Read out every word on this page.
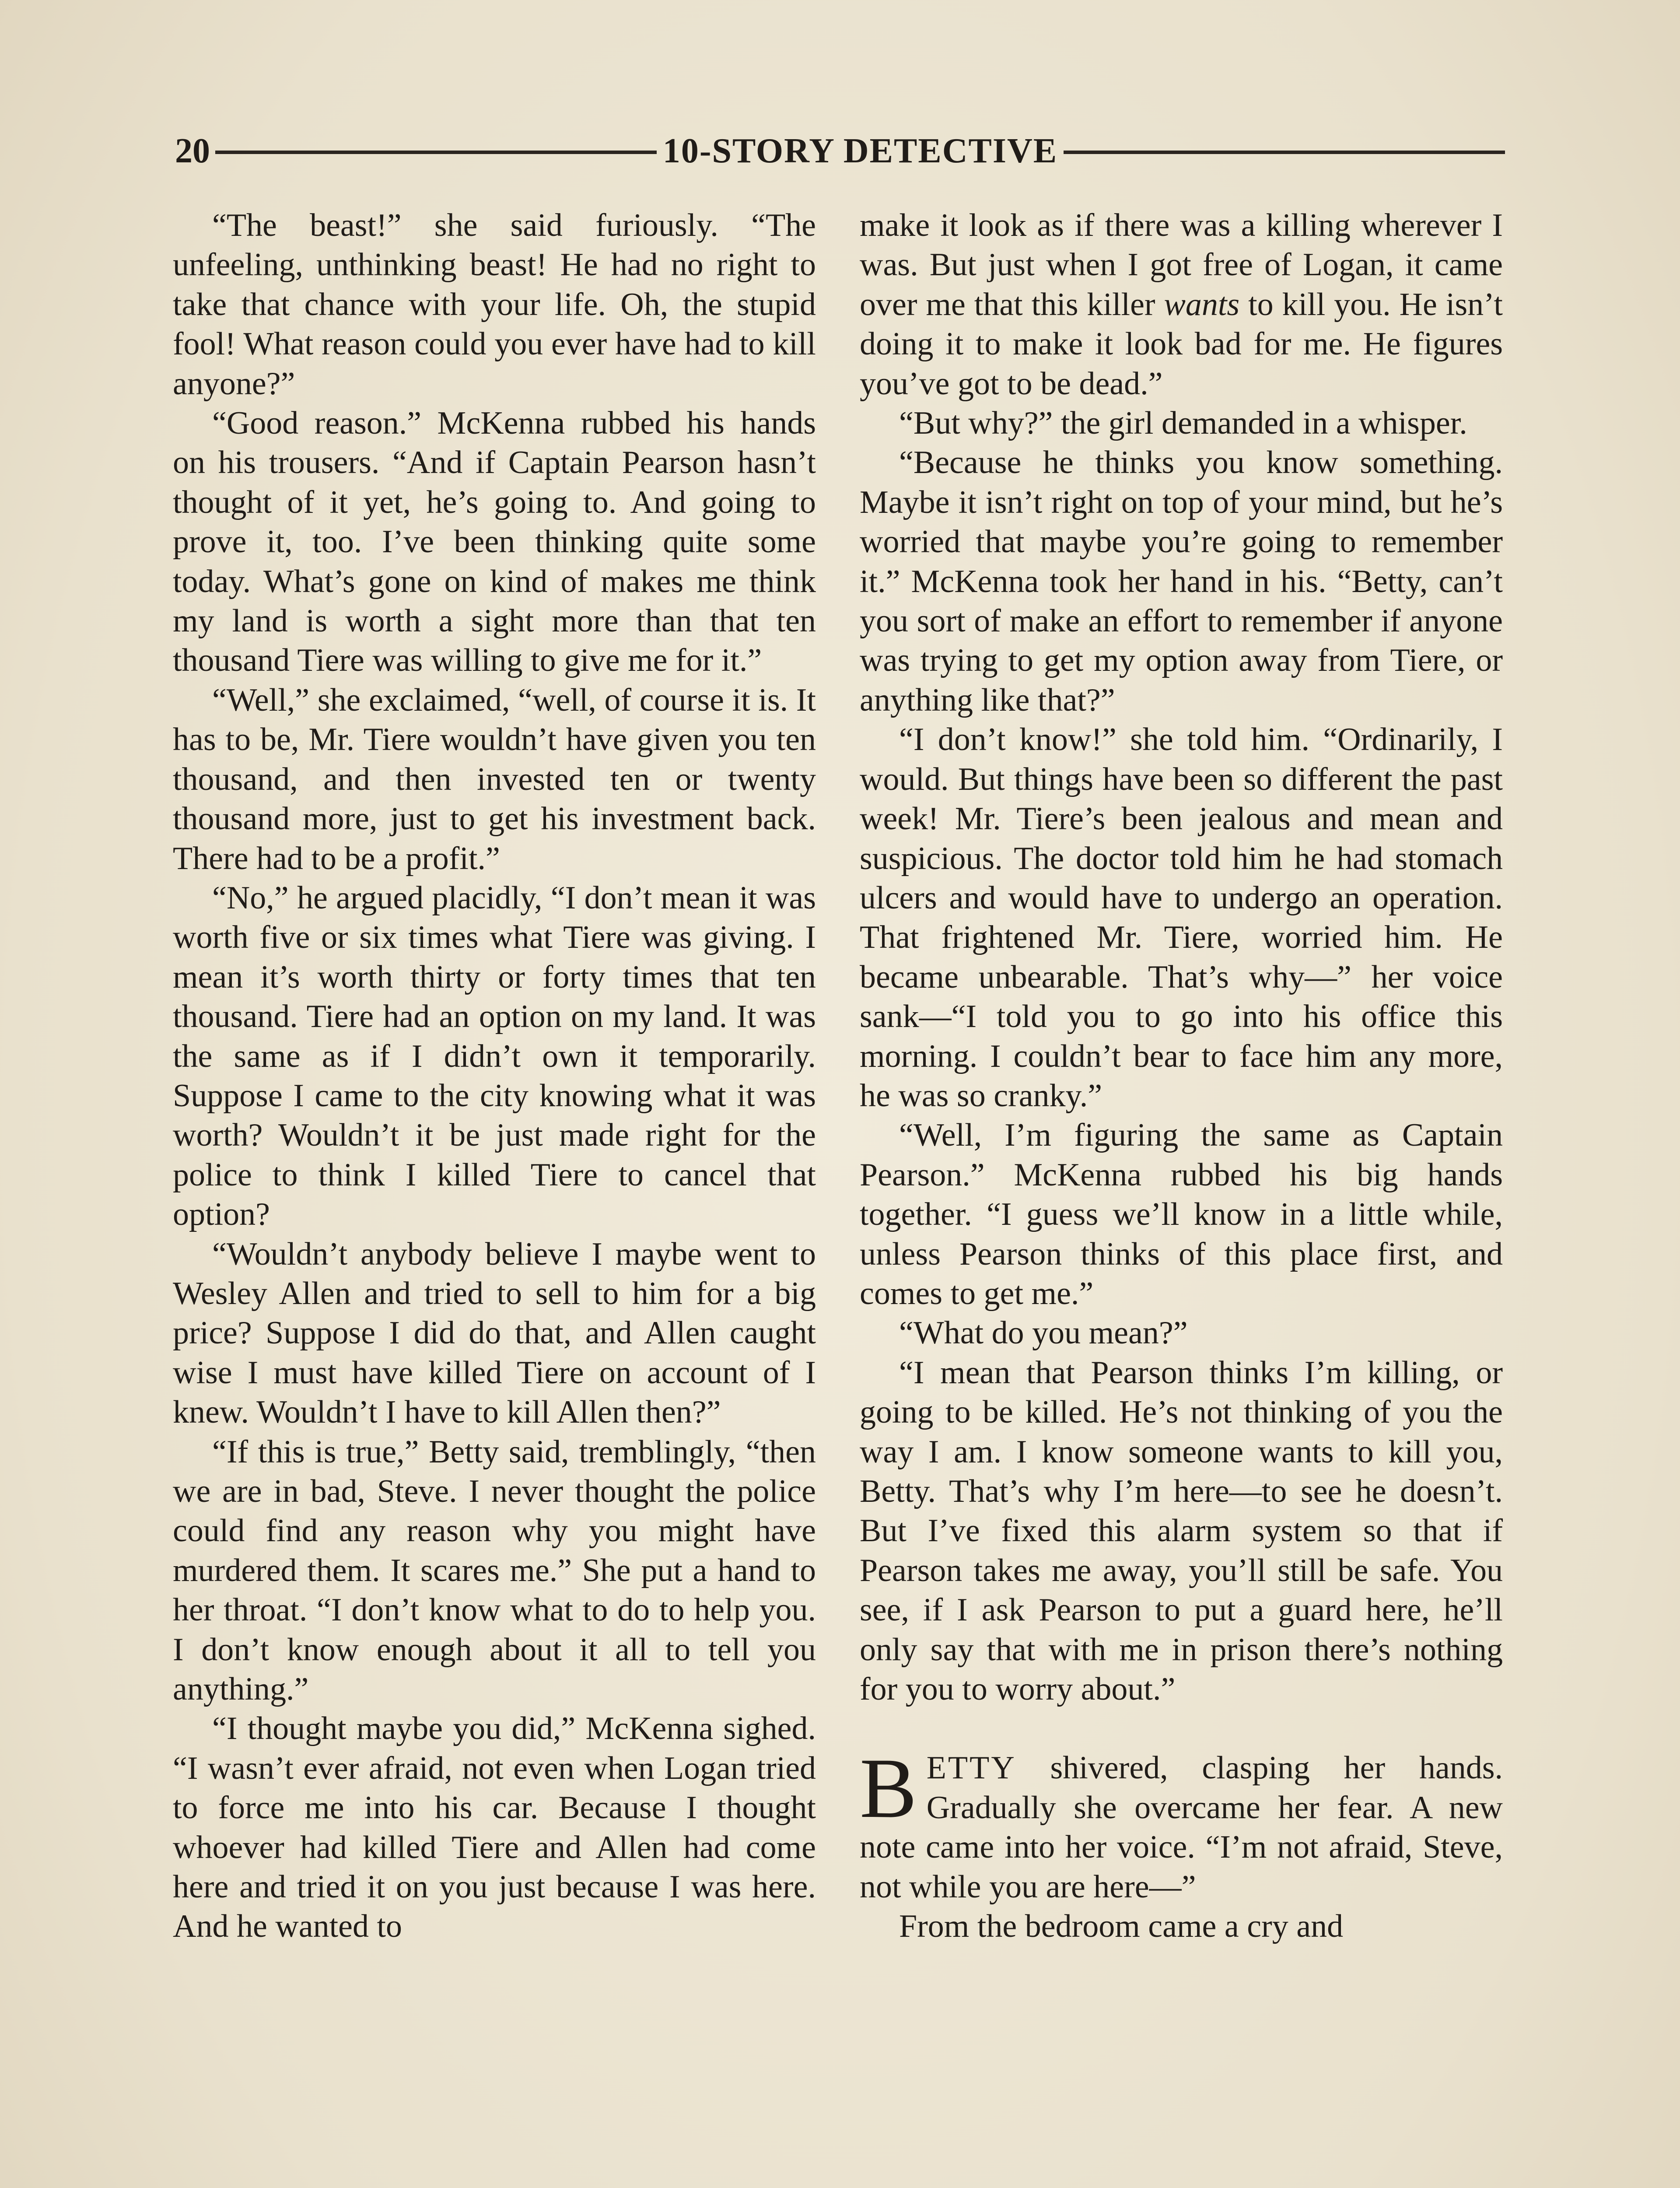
20	10-STORY DETECTIVE

“The beast!” she said furiously. “The unfeeling, unthinking beast! He had no right to take that chance with your life. Oh, the stupid fool! What reason could you ever have had to kill anyone?”

“Good reason.” McKenna rubbed his hands on his trousers. “And if Captain Pearson hasn’t thought of it yet, he’s going to. And going to prove it, too. I’ve been thinking quite some today. What’s gone on kind of makes me think my land is worth a sight more than that ten thousand Tiere was willing to give me for it.”

“Well,” she exclaimed, “well, of course it is. It has to be, Mr. Tiere wouldn’t have given you ten thousand, and then invested ten or twenty thousand more, just to get his investment back. There had to be a profit.”

“No,” he argued placidly, “I don’t mean it was worth five or six times what Tiere was giving. I mean it’s worth thirty or forty times that ten thousand. Tiere had an option on my land. It was the same as if I didn’t own it temporarily. Suppose I came to the city knowing what it was worth? Wouldn’t it be just made right for the police to think I killed Tiere to cancel that option?

“Wouldn’t anybody believe I maybe went to Wesley Allen and tried to sell to him for a big price? Suppose I did do that, and Allen caught wise I must have killed Tiere on account of I knew. Wouldn’t I have to kill Allen then?”

“If this is true,” Betty said, tremblingly, “then we are in bad, Steve. I never thought the police could find any reason why you might have murdered them. It scares me.” She put a hand to her throat. “I don’t know what to do to help you. I don’t know enough about it all to tell you anything.”

“I thought maybe you did,” McKenna sighed. “I wasn’t ever afraid, not even when Logan tried to force me into his car. Because I thought whoever had killed Tiere and Allen had come here and tried it on you just because I was here. And he wanted to

make it look as if there was a killing wherever I was. But just when I got free of Logan, it came over me that this killer wants to kill you. He isn’t doing it to make it look bad for me. He figures you’ve got to be dead.”

“But why?” the girl demanded in a whisper.

“Because he thinks you know something. Maybe it isn’t right on top of your mind, but he’s worried that maybe you’re going to remember it.” McKenna took her hand in his. “Betty, can’t you sort of make an effort to remember if anyone was trying to get my option away from Tiere, or anything like that?”

“I don’t know!” she told him. “Ordinarily, I would. But things have been so different the past week! Mr. Tiere’s been jealous and mean and suspicious. The doctor told him he had stomach ulcers and would have to undergo an operation. That frightened Mr. Tiere, worried him. He became unbearable. That’s why—” her voice sank—“I told you to go into his office this morning. I couldn’t bear to face him any more, he was so cranky.”

“Well, I’m figuring the same as Captain Pearson.” McKenna rubbed his big hands together. “I guess we’ll know in a little while, unless Pearson thinks of this place first, and comes to get me.”

“What do you mean?”

“I mean that Pearson thinks I’m killing, or going to be killed. He’s not thinking of you the way I am. I know someone wants to kill you, Betty. That’s why I’m here—to see he doesn’t. But I’ve fixed this alarm system so that if Pearson takes me away, you’ll still be safe. You see, if I ask Pearson to put a guard here, he’ll only say that with me in prison there’s nothing for you to worry about.”

BETTY shivered, clasping her hands. Gradually she overcame her fear. A new note came into her voice. “I’m not afraid, Steve, not while you are here—”

From the bedroom came a cry and
